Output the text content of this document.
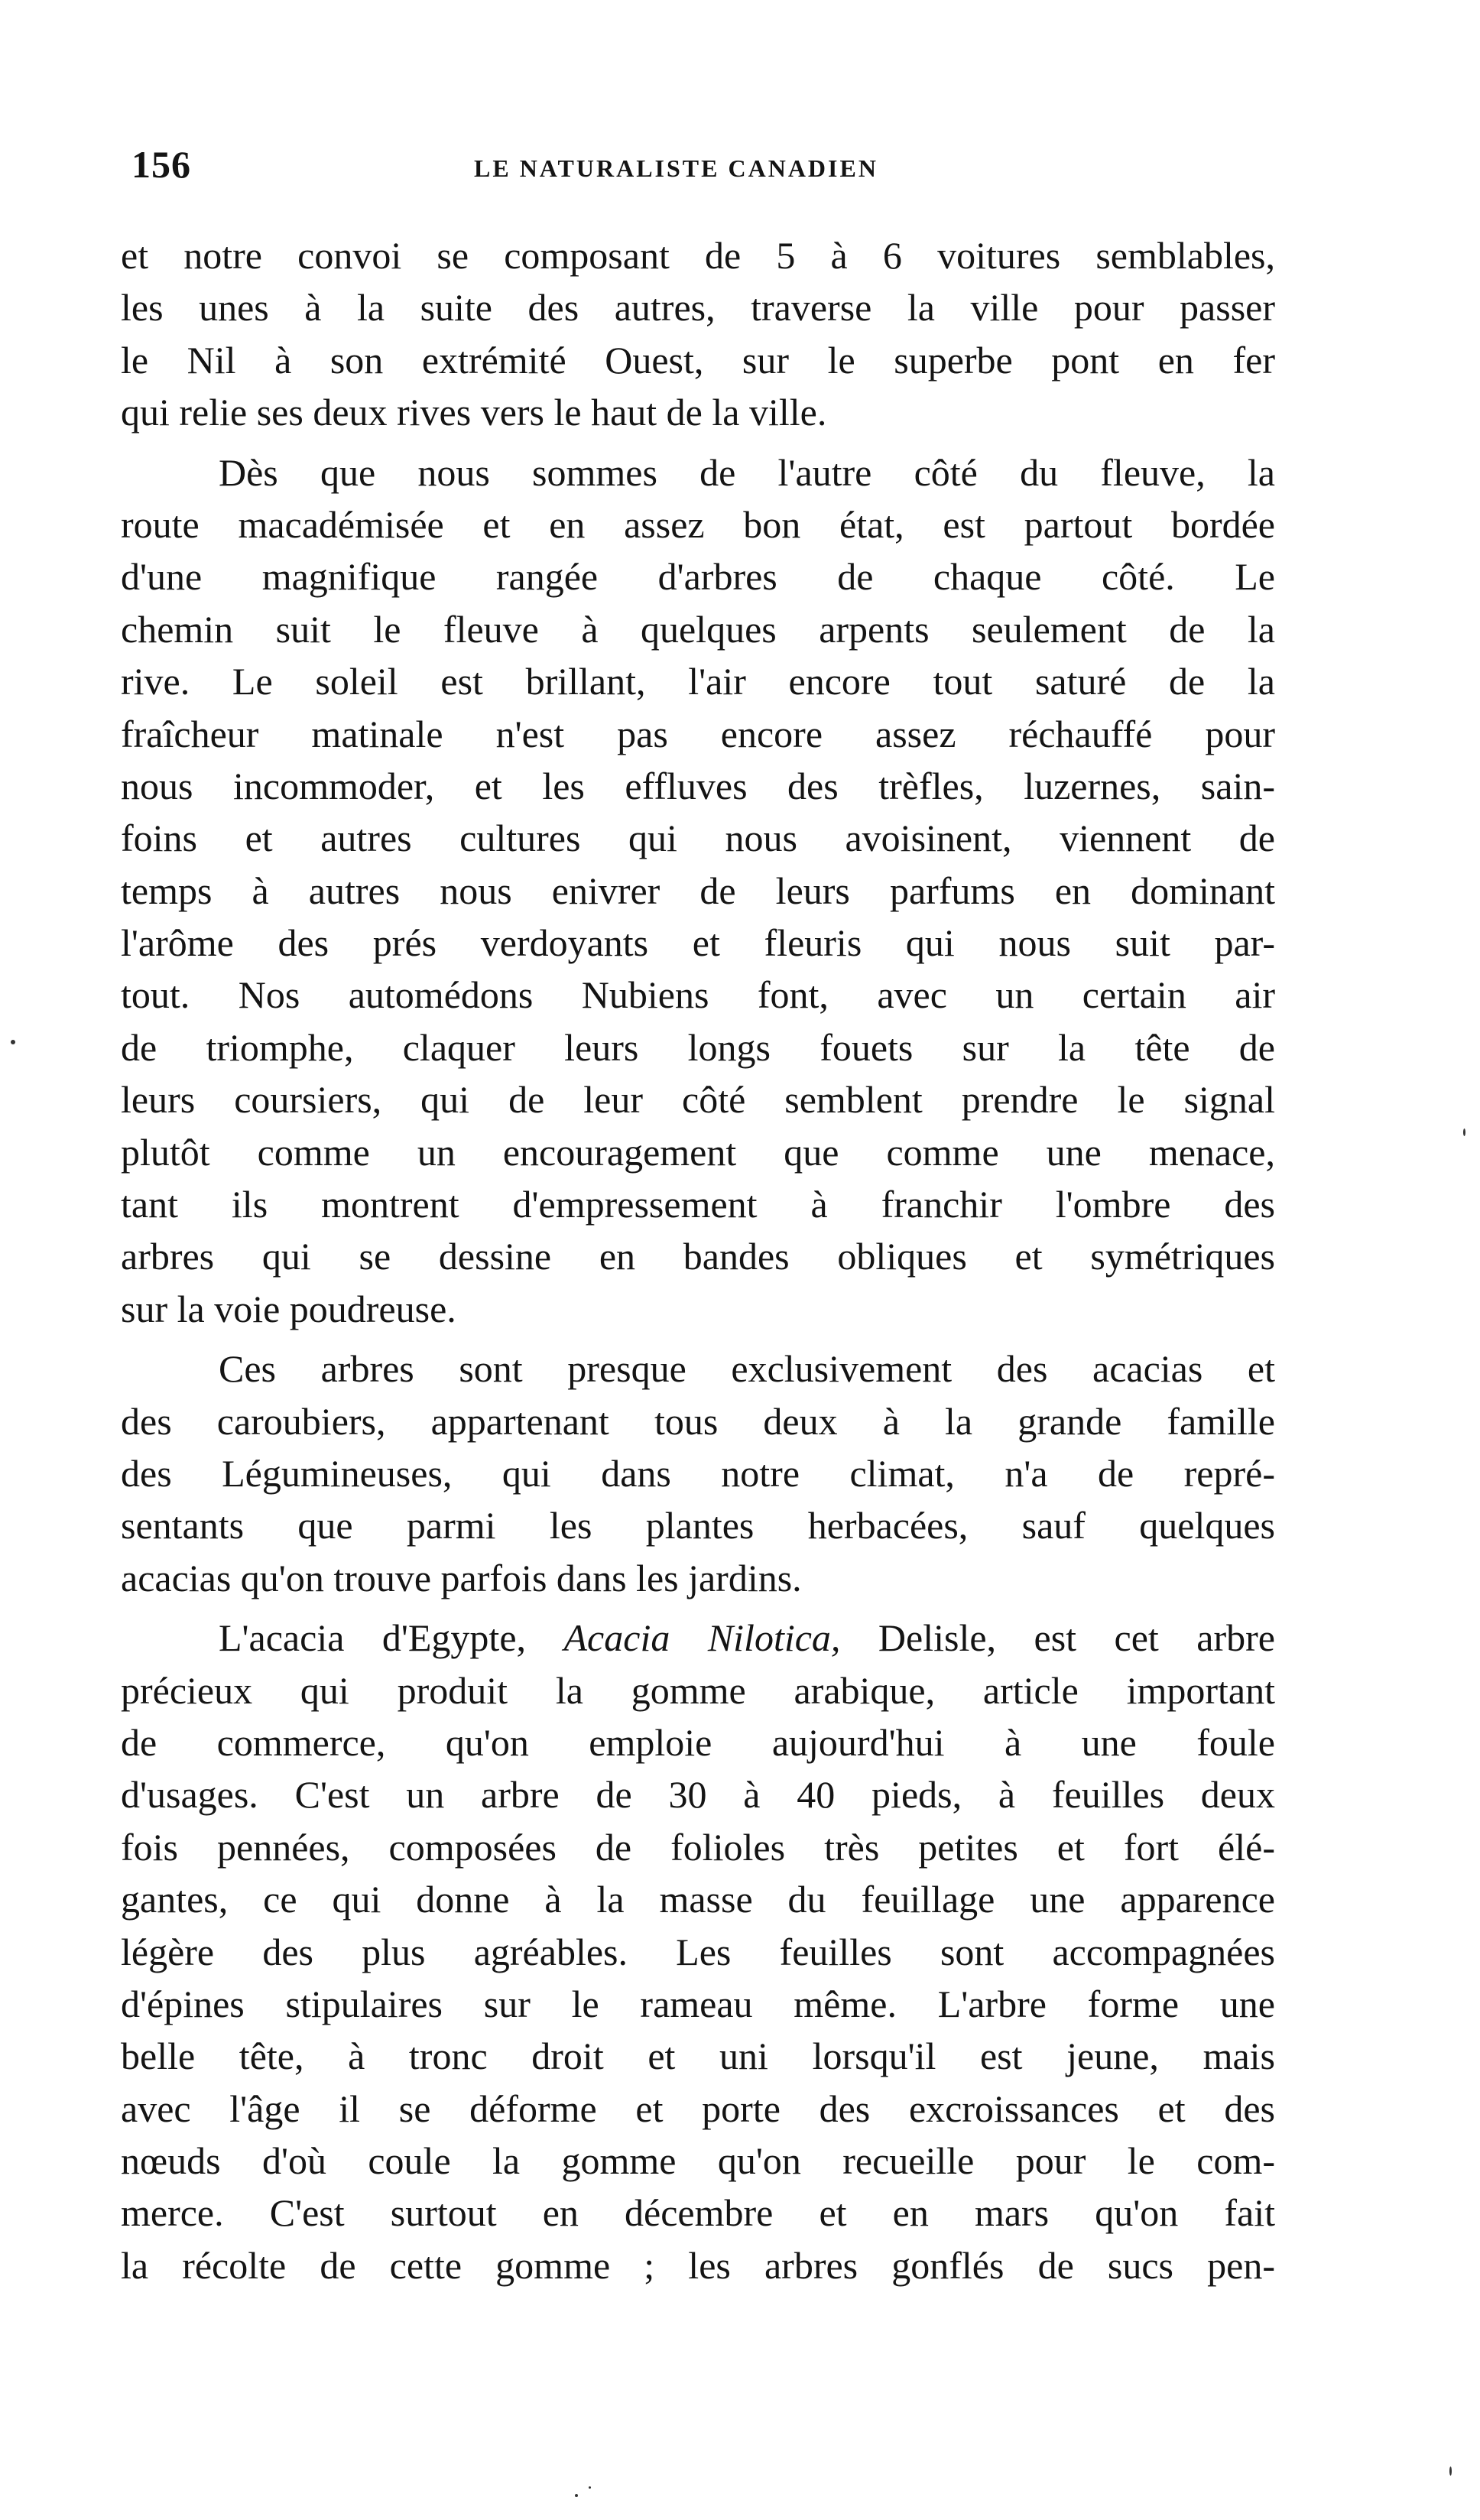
156	LE NATURALISTE CANADIEN
et notre convoi se composant de 5 à 6 voitures semblables,
les unes à la suite des autres, traverse la ville pour passer
le Nil à son extrémité Ouest, sur le superbe pont en fer
qui relie ses deux rives vers le haut de la ville.
Dès que nous sommes de l'autre côté du fleuve, la
route macadémisée et en assez bon état, est partout bordée
d'une magnifique rangée d'arbres de chaque côté. Le
chemin suit le fleuve à quelques arpents seulement de la
rive. Le soleil est brillant, l'air encore tout saturé de la
fraîcheur matinale n'est pas encore assez réchauffé pour
nous incommoder, et les effluves des trèfles, luzernes, sain-
foins et autres cultures qui nous avoisinent, viennent de
temps à autres nous enivrer de leurs parfums en dominant
l'arôme des prés verdoyants et fleuris qui nous suit par-
tout. Nos automédons Nubiens font, avec un certain air
de triomphe, claquer leurs longs fouets sur la tête de
leurs coursiers, qui de leur côté semblent prendre le signal
plutôt comme un encouragement que comme une menace,
tant ils montrent d'empressement à franchir l'ombre des
arbres qui se dessine en bandes obliques et symétriques
sur la voie poudreuse.
Ces arbres sont presque exclusivement des acacias et
des caroubiers, appartenant tous deux à la grande famille
des Légumineuses, qui dans notre climat, n'a de repré-
sentants que parmi les plantes herbacées, sauf quelques
acacias qu'on trouve parfois dans les jardins.
L'acacia d'Egypte, Acacia Nilotica, Delisle, est cet arbre
précieux qui produit la gomme arabique, article important
de commerce, qu'on emploie aujourd'hui à une foule
d'usages. C'est un arbre de 30 à 40 pieds, à feuilles deux
fois pennées, composées de folioles très petites et fort élé-
gantes, ce qui donne à la masse du feuillage une apparence
légère des plus agréables. Les feuilles sont accompagnées
d'épines stipulaires sur le rameau même. L'arbre forme une
belle tête, à tronc droit et uni lorsqu'il est jeune, mais
avec l'âge il se déforme et porte des excroissances et des
nœuds d'où coule la gomme qu'on recueille pour le com-
merce. C'est surtout en décembre et en mars qu'on fait
la récolte de cette gomme ; les arbres gonflés de sucs pen-
